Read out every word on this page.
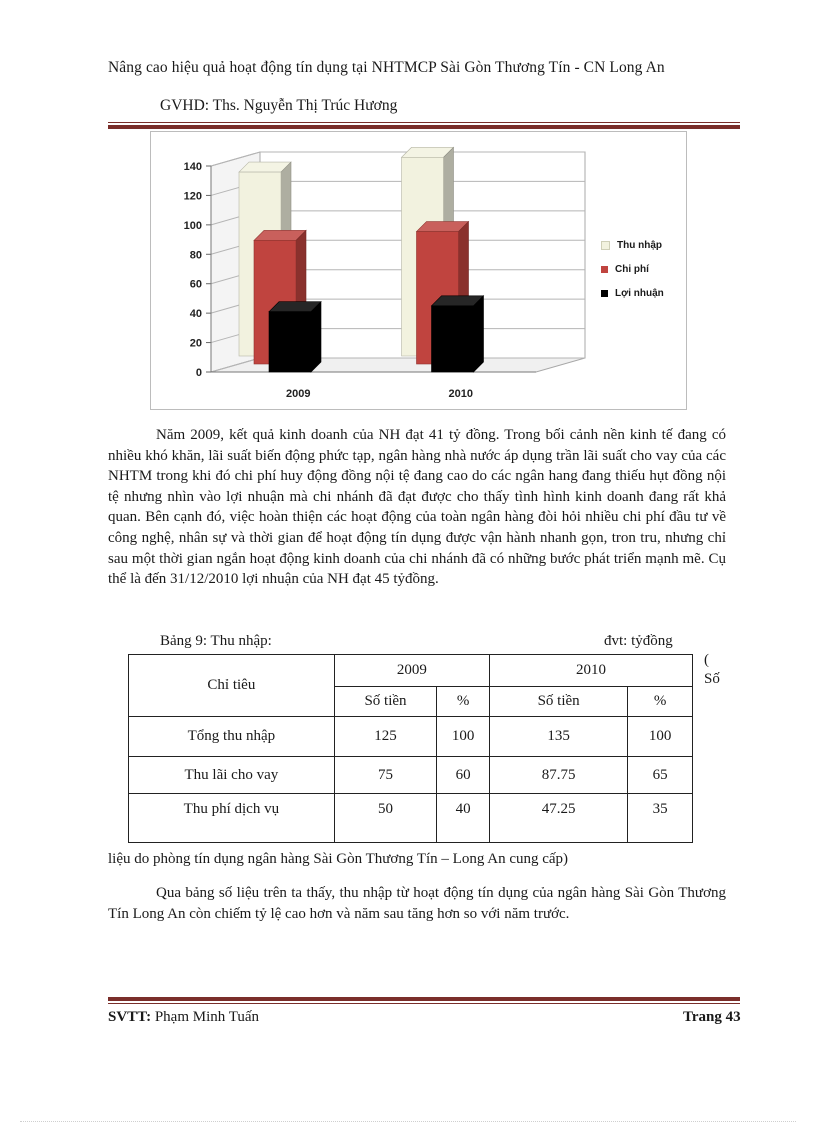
Nâng cao hiệu quả hoạt động tín dụng tại NHTMCP Sài Gòn Thương Tín - CN Long An
GVHD: Ths. Nguyễn Thị Trúc Hương
0
20
40
60
80
100
120
140
2009	2010
Thu nhập
Chi phí
Lợi nhuận
Năm 2009, kết quả kinh doanh của NH đạt 41 tỷ đồng. Trong bối cảnh nền kinh tế đang có nhiều khó khăn, lãi suất biến động phức tạp, ngân hàng nhà nước áp dụng trần lãi suất cho vay của các NHTM trong khi đó chi phí huy động đồng nội tệ đang cao do các ngân hang đang thiếu hụt đồng nội tệ nhưng nhìn vào lợi nhuận mà chi nhánh đã đạt được cho thấy tình hình kinh doanh đang rất khả quan. Bên cạnh đó, việc hoàn thiện các hoạt động của toàn ngân hàng đòi hỏi nhiều chi phí đầu tư về công nghệ, nhân sự và thời gian để hoạt động tín dụng được vận hành nhanh gọn, tron tru, nhưng chỉ sau một thời gian ngắn hoạt động kinh doanh của chi nhánh đã có những bước phát triển mạnh mẽ. Cụ thể là đến 31/12/2010 lợi nhuận của NH đạt 45 tỷđồng.
Bảng 9: Thu nhập:	đvt: tỷđồng
(
Số
Chỉ tiêu	2009		2010	
	Số tiền	%	Số tiền	%
Tổng thu nhập	125	100	135	100
Thu lãi cho vay	75	60	87.75	65
Thu phí dịch vụ	50	40	47.25	35
liệu do phòng tín dụng ngân hàng Sài Gòn Thương Tín – Long An cung cấp)
Qua bảng số liệu trên ta thấy, thu nhập từ hoạt động tín dụng của ngân hàng Sài Gòn Thương Tín Long An còn chiếm tỷ lệ cao hơn và năm sau tăng hơn so với năm trước.
SVTT: Phạm Minh Tuấn	Trang 43
